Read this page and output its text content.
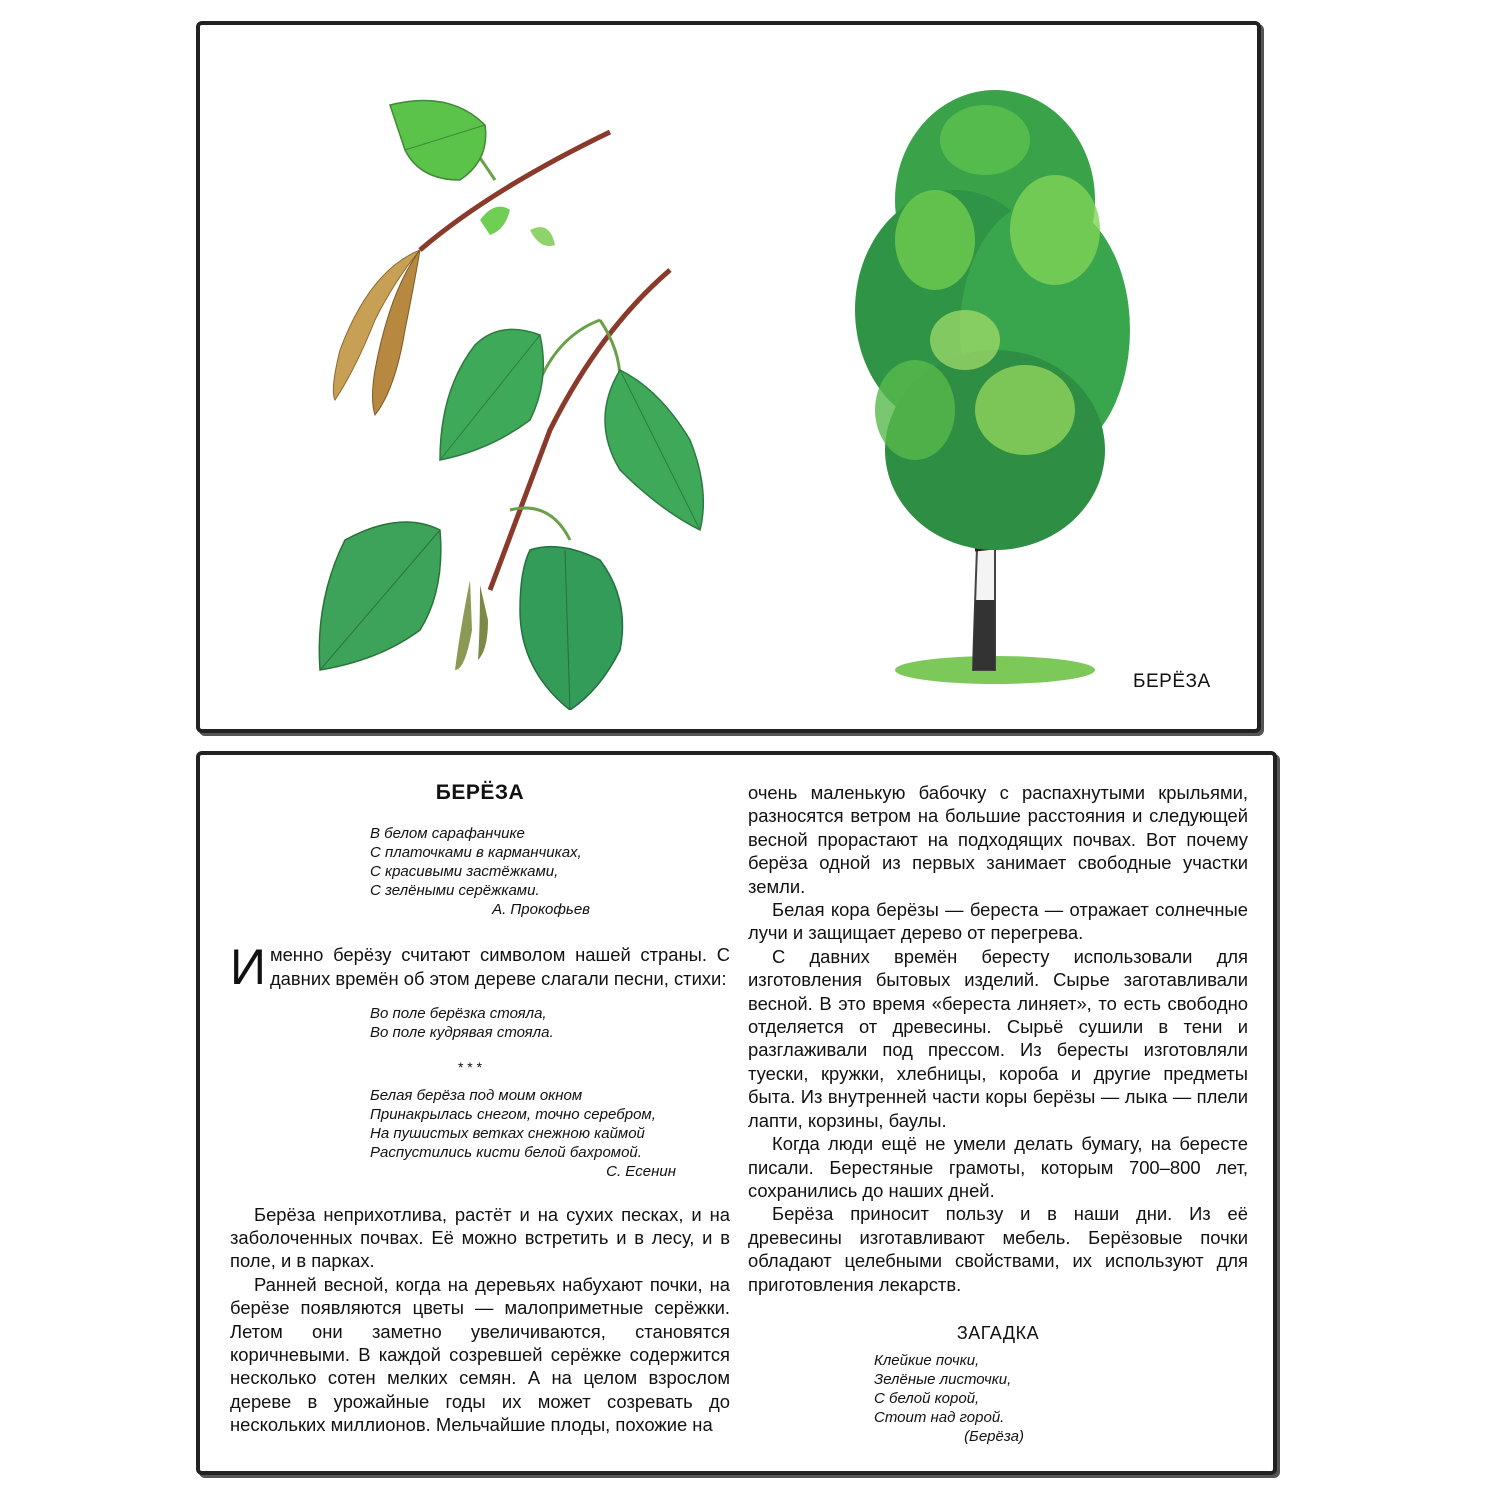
БЕРЁЗА
БЕРЁЗА
В белом сарафанчике
С платочками в карманчиках,
С красивыми застёжками,
С зелёными серёжками.
А. Прокофьев
Именно берёзу считают символом нашей страны. С давних времён об этом дереве слагали песни, стихи:
Во поле берёзка стояла,
Во поле кудрявая стояла.
* * *
Белая берёза под моим окном
Принакрылась снегом, точно серебром,
На пушистых ветках снежною каймой
Распустились кисти белой бахромой.
С. Есенин
Берёза неприхотлива, растёт и на сухих песках, и на заболоченных почвах. Её можно встретить и в лесу, и в поле, и в парках.
Ранней весной, когда на деревьях набухают почки, на берёзе появляются цветы — малоприметные серёжки. Летом они заметно увеличиваются, становятся коричневыми. В каждой созревшей серёжке содержится несколько сотен мелких семян. А на целом взрослом дереве в урожайные годы их может созревать до нескольких миллионов. Мельчайшие плоды, похожие на
очень маленькую бабочку с распахнутыми крыльями, разносятся ветром на большие расстояния и следующей весной прорастают на подходящих почвах. Вот почему берёза одной из первых занимает свободные участки земли.
Белая кора берёзы — береста — отражает солнечные лучи и защищает дерево от перегрева.
С давних времён бересту использовали для изготовления бытовых изделий. Сырье заготавливали весной. В это время «береста линяет», то есть свободно отделяется от древесины. Сырьё сушили в тени и разглаживали под прессом. Из бересты изготовляли туески, кружки, хлебницы, короба и другие предметы быта. Из внутренней части коры берёзы — лыка — плели лапти, корзины, баулы.
Когда люди ещё не умели делать бумагу, на бересте писали. Берестяные грамоты, которым 700–800 лет, сохранились до наших дней.
Берёза приносит пользу и в наши дни. Из её древесины изготавливают мебель. Берёзовые почки обладают целебными свойствами, их используют для приготовления лекарств.
ЗАГАДКА
Клейкие почки,
Зелёные листочки,
С белой корой,
Стоит над горой.
(Берёза)
